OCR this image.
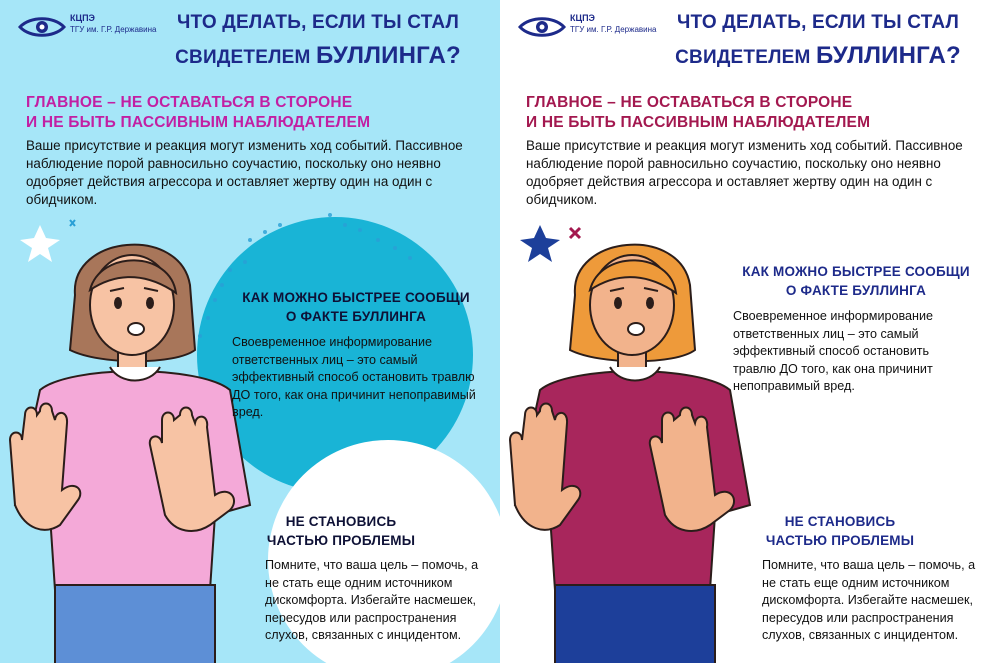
КЦПЭ
ТГУ им. Г.Р. Державина	ЧТО ДЕЛАТЬ, ЕСЛИ ТЫ СТАЛ
СВИДЕТЕЛЕМ БУЛЛИНГА?
ГЛАВНОЕ – НЕ ОСТАВАТЬСЯ В СТОРОНЕ
И НЕ БЫТЬ ПАССИВНЫМ НАБЛЮДАТЕЛЕМ
Ваше присутствие и реакция могут изменить ход событий. Пассивное наблюдение порой равносильно соучастию, поскольку оно неявно одобряет действия агрессора и оставляет жертву один на один с обидчиком.
КАК МОЖНО БЫСТРЕЕ СООБЩИ
О ФАКТЕ БУЛЛИНГА
Своевременное информирование ответственных лиц – это самый эффективный способ остановить травлю ДО того, как она причинит непоправимый вред.
НЕ СТАНОВИСЬ
ЧАСТЬЮ ПРОБЛЕМЫ
Помните, что ваша цель – помочь, а не стать еще одним источником дискомфорта. Избегайте насмешек, пересудов или распространения слухов, связанных с инцидентом.
КЦПЭ
ТГУ им. Г.Р. Державина	ЧТО ДЕЛАТЬ, ЕСЛИ ТЫ СТАЛ
СВИДЕТЕЛЕМ БУЛЛИНГА?
ГЛАВНОЕ – НЕ ОСТАВАТЬСЯ В СТОРОНЕ
И НЕ БЫТЬ ПАССИВНЫМ НАБЛЮДАТЕЛЕМ
Ваше присутствие и реакция могут изменить ход событий. Пассивное наблюдение порой равносильно соучастию, поскольку оно неявно одобряет действия агрессора и оставляет жертву один на один с обидчиком.
КАК МОЖНО БЫСТРЕЕ СООБЩИ
О ФАКТЕ БУЛЛИНГА
Своевременное информирование ответственных лиц – это самый эффективный способ остановить травлю ДО того, как она причинит непоправимый вред.
НЕ СТАНОВИСЬ
ЧАСТЬЮ ПРОБЛЕМЫ
Помните, что ваша цель – помочь, а не стать еще одним источником дискомфорта. Избегайте насмешек, пересудов или распространения слухов, связанных с инцидентом.
